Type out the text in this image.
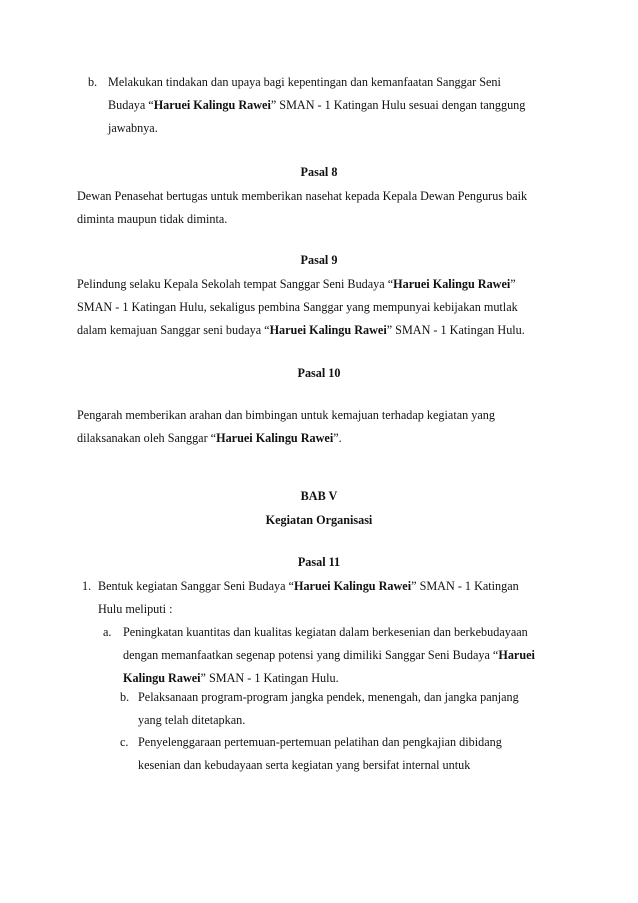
b. Melakukan tindakan dan upaya bagi kepentingan dan kemanfaatan Sanggar Seni
Budaya “Haruei Kalingu Rawei” SMAN - 1 Katingan Hulu sesuai dengan tanggung
jawabnya.
Pasal 8
Dewan Penasehat bertugas untuk memberikan nasehat kepada Kepala Dewan Pengurus baik
diminta maupun tidak diminta.
Pasal 9
Pelindung selaku Kepala Sekolah tempat Sanggar Seni Budaya “Haruei Kalingu Rawei”
SMAN - 1 Katingan Hulu, sekaligus pembina Sanggar yang mempunyai kebijakan mutlak
dalam kemajuan Sanggar seni budaya “Haruei Kalingu Rawei” SMAN - 1 Katingan Hulu.
Pasal 10
Pengarah memberikan arahan dan bimbingan untuk kemajuan terhadap kegiatan yang
dilaksanakan oleh Sanggar “Haruei Kalingu Rawei”.
BAB V
Kegiatan Organisasi
Pasal 11
1. Bentuk kegiatan Sanggar Seni Budaya “Haruei Kalingu Rawei” SMAN - 1 Katingan
Hulu meliputi :
a. Peningkatan kuantitas dan kualitas kegiatan dalam berkesenian dan berkebudayaan
dengan memanfaatkan segenap potensi yang dimiliki Sanggar Seni Budaya “Haruei
Kalingu Rawei” SMAN - 1 Katingan Hulu.
b. Pelaksanaan program-program jangka pendek, menengah, dan jangka panjang
yang telah ditetapkan.
c. Penyelenggaraan pertemuan-pertemuan pelatihan dan pengkajian dibidang
kesenian dan kebudayaan serta kegiatan yang bersifat internal untuk
